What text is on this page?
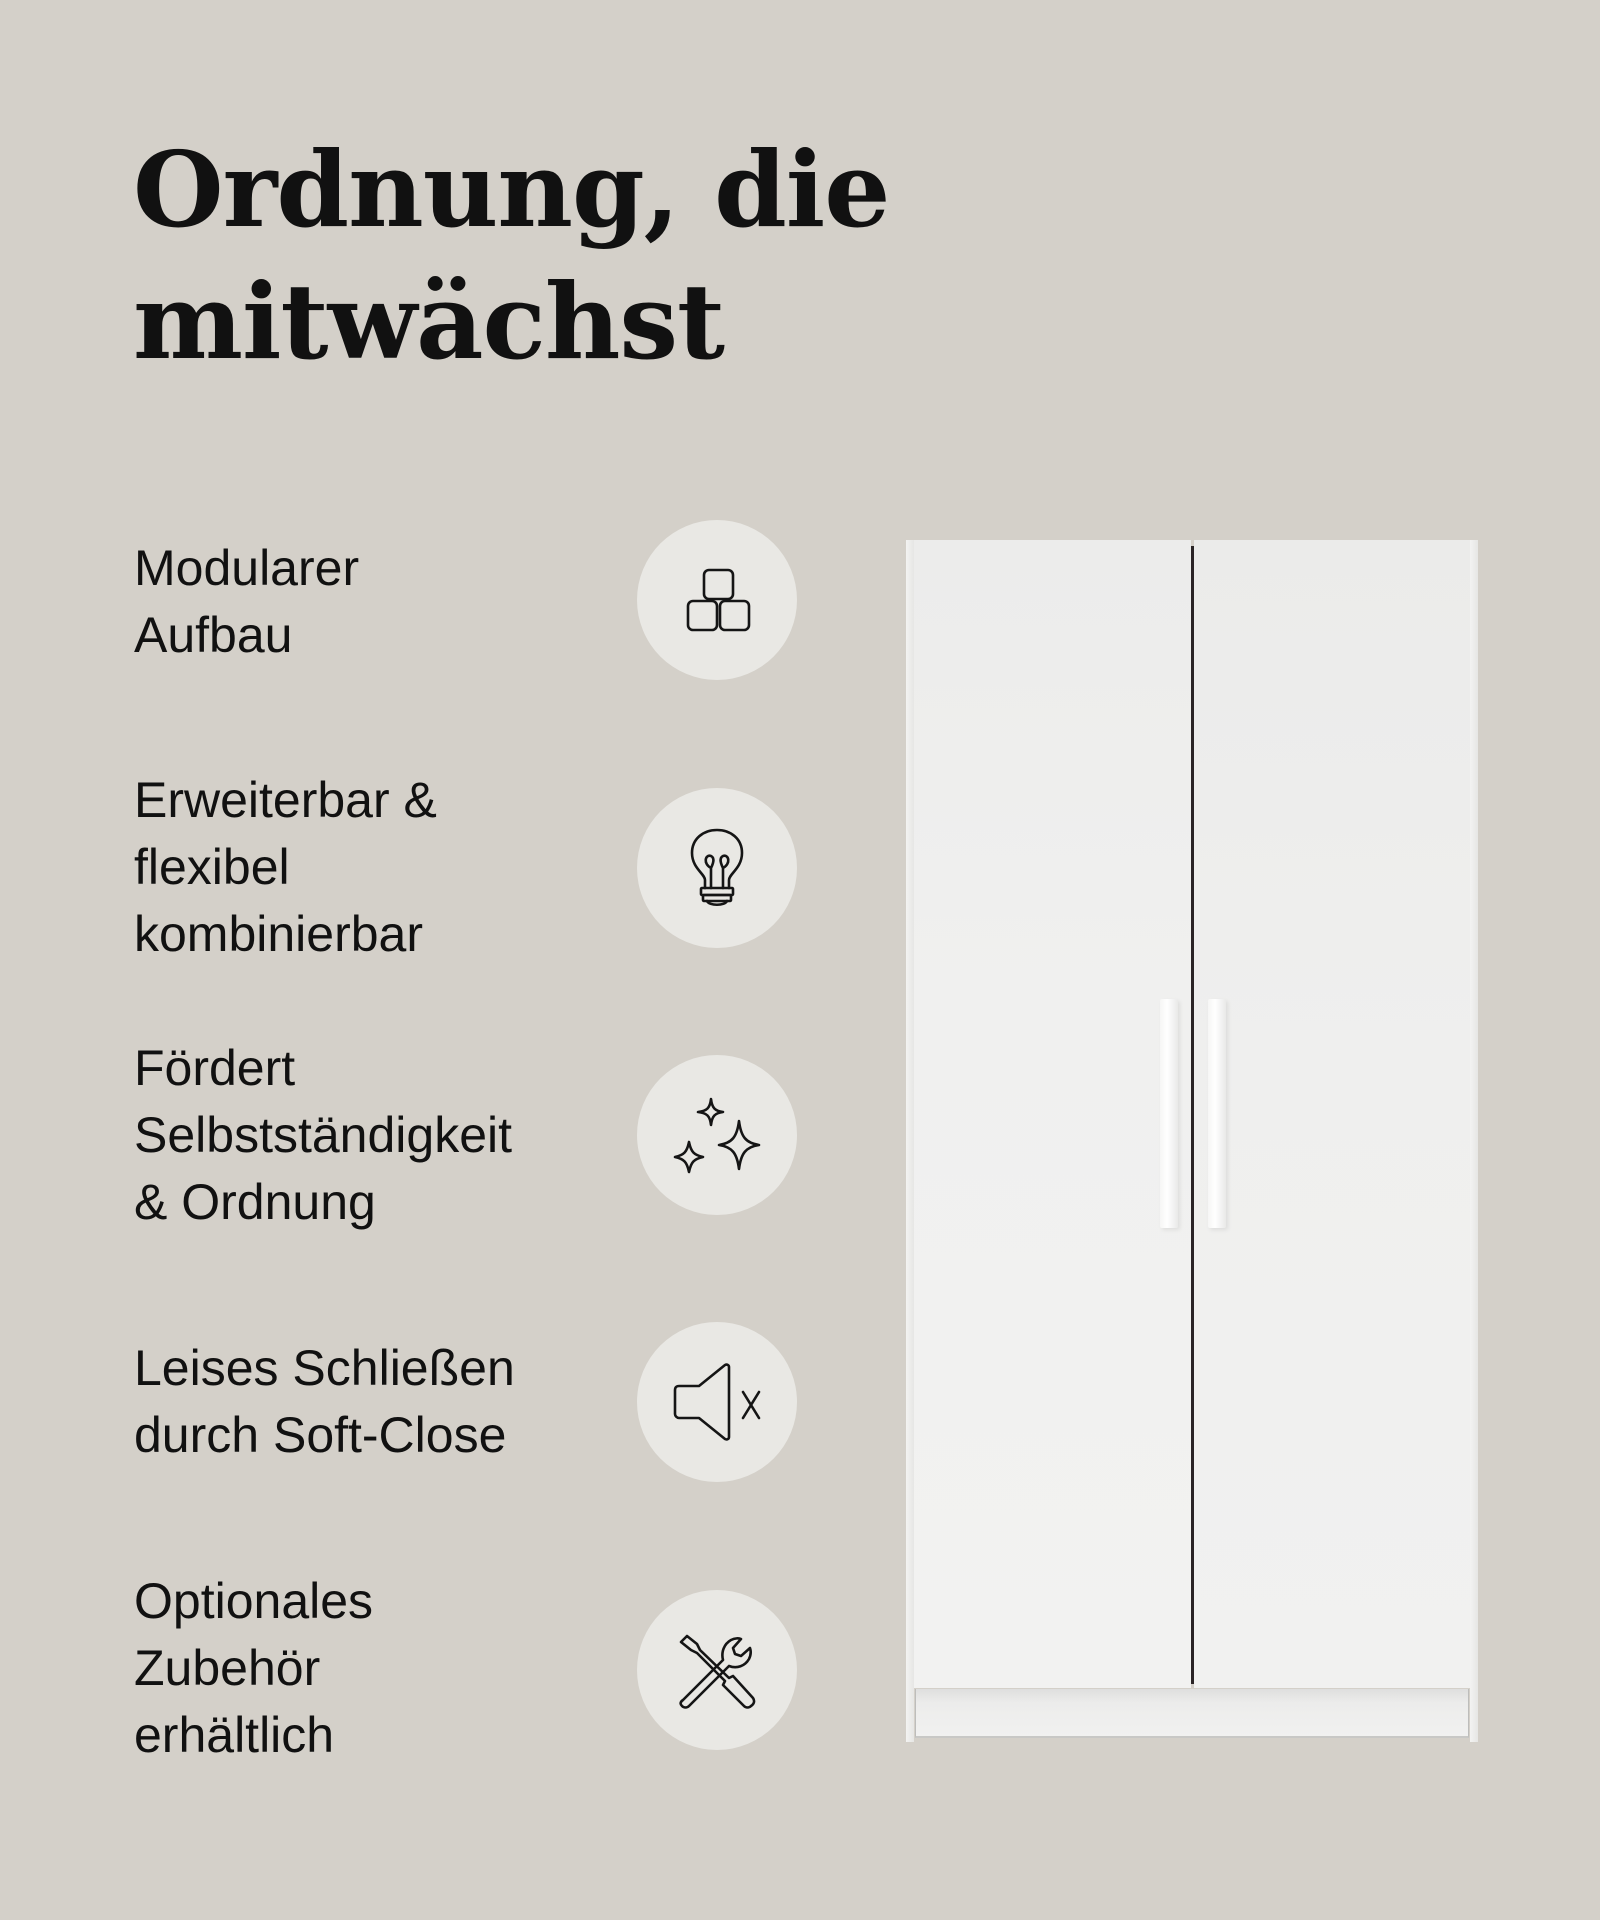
Ordnung, die
mitwächst

Modularer
Aufbau

Erweiterbar &
flexibel
kombinierbar

Fördert
Selbstständigkeit
& Ordnung

Leises Schließen
durch Soft-Close

Optionales
Zubehör
erhältlich
